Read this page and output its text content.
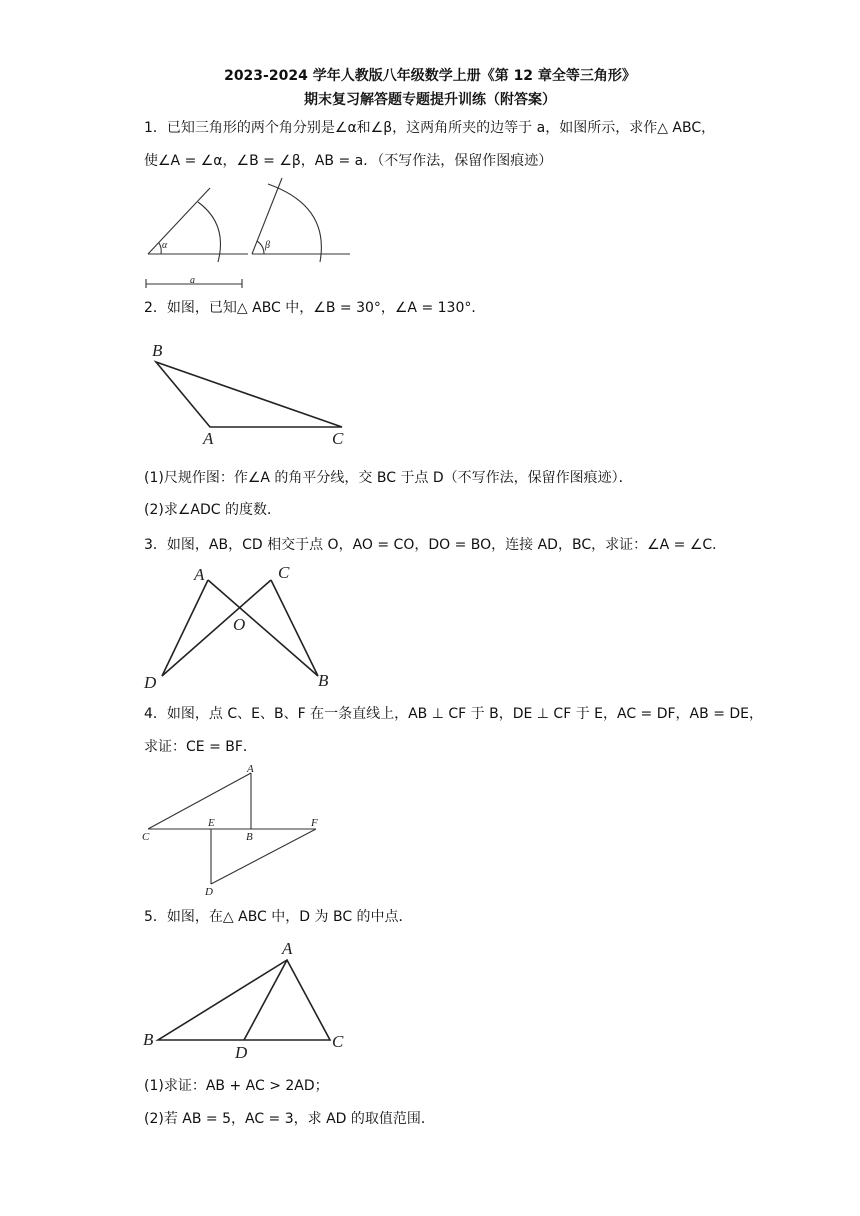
2023-2024 学年人教版八年级数学上册《第 12 章全等三角形》
期末复习解答题专题提升训练（附答案）
1．已知三角形的两个角分别是∠α和∠β，这两角所夹的边等于 a，如图所示，求作△ ABC，
使∠A = ∠α，∠B = ∠β，AB = a．（不写作法，保留作图痕迹）
α	β
a
2．如图，已知△ ABC 中，∠B = 30°，∠A = 130°．
B
A	C
(1)尺规作图：作∠A 的角平分线，交 BC 于点 D（不写作法，保留作图痕迹）．
(2)求∠ADC 的度数．
3．如图，AB，CD 相交于点 O，AO = CO，DO = BO，连接 AD，BC，求证：∠A = ∠C．
A	C
O
D	B
4．如图，点 C、E、B、F 在一条直线上，AB ⊥ CF 于 B，DE ⊥ CF 于 E，AC = DF，AB = DE，
求证：CE = BF．
A
C
E
B
F
D
5．如图，在△ ABC 中，D 为 BC 的中点．
A
B
D
C
(1)求证：AB + AC > 2AD；
(2)若 AB = 5，AC = 3，求 AD 的取值范围．
